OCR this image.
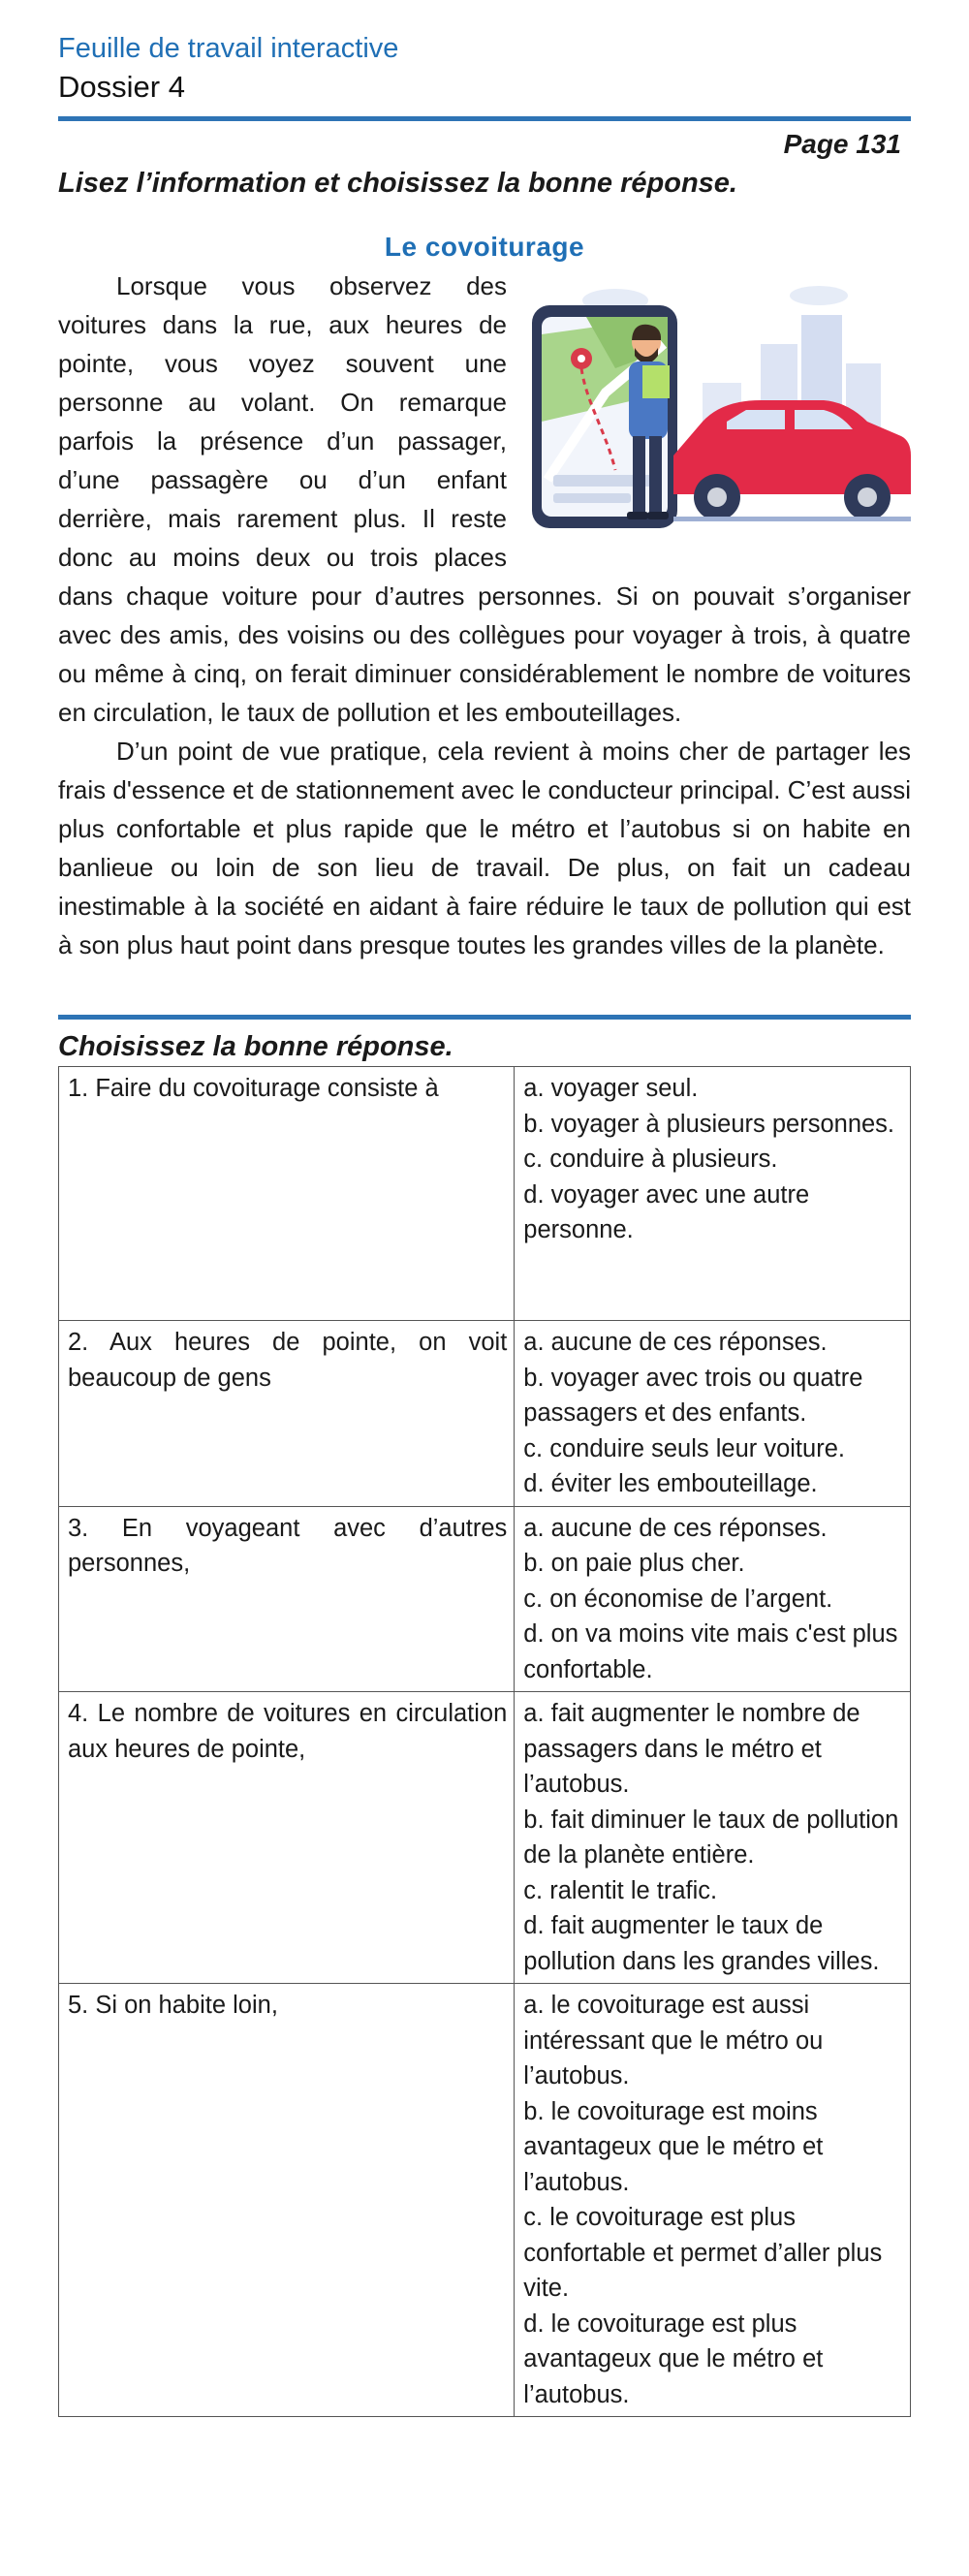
Feuille de travail interactive
Dossier 4
Page 131
Lisez l’information et choisissez la bonne réponse.
Le covoiturage

Lorsque vous observez des voitures dans la rue, aux heures de pointe, vous voyez souvent une personne au volant. On remarque parfois la présence d’un passager, d’une passagère ou d’un enfant derrière, mais rarement plus. Il reste donc au moins deux ou trois places dans chaque voiture pour d’autres personnes. Si on pouvait s’organiser avec des amis, des voisins ou des collègues pour voyager à trois, à quatre ou même à cinq, on ferait diminuer considérablement le nombre de voitures en circulation, le taux de pollution et les embouteillages.

D’un point de vue pratique, cela revient à moins cher de partager les frais d'essence et de stationnement avec le conducteur principal. C’est aussi plus confortable et plus rapide que le métro et l’autobus si on habite en banlieue ou loin de son lieu de travail. De plus, on fait un cadeau inestimable à la société en aidant à faire réduire le taux de pollution qui est à son plus haut point dans presque toutes les grandes villes de la planète.

Choisissez la bonne réponse.
1. Faire du covoiturage consiste à	a. voyager seul.
b. voyager à plusieurs personnes.
c. conduire à plusieurs.
d. voyager avec une autre personne.

2. Aux heures de pointe, on voit beaucoup de gens	a. aucune de ces réponses.
b. voyager avec trois ou quatre passagers et des enfants.
c. conduire seuls leur voiture.
d. éviter les embouteillage.

3. En voyageant avec d’autres personnes,	a. aucune de ces réponses.
b. on paie plus cher.
c. on économise de l’argent.
d. on va moins vite mais c'est plus confortable.

4. Le nombre de voitures en circulation aux heures de pointe,	a. fait augmenter le nombre de passagers dans le métro et l’autobus.
b. fait diminuer le taux de pollution de la planète entière.
c. ralentit le trafic.
d. fait augmenter le taux de pollution dans les grandes villes.

5. Si on habite loin,	a. le covoiturage est aussi intéressant que le métro ou l’autobus.
b. le covoiturage est moins avantageux que le métro et l’autobus.
c. le covoiturage est plus confortable et permet d’aller plus vite.
d. le covoiturage est plus avantageux que le métro et l’autobus.
